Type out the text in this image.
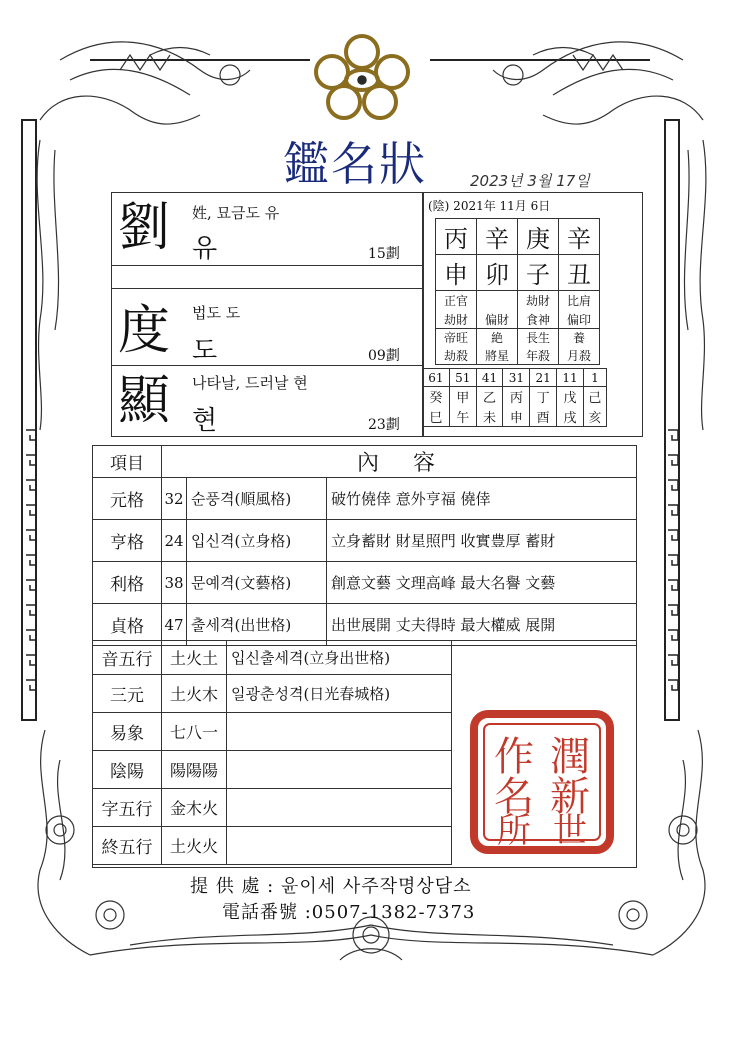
鑑名狀	2023년 3월 17일
劉 姓, 묘금도 유
유	15劃
度 법도 도
도	09劃
顯 나타날, 드러날 현
현	23劃
(陰) 2021年 11月 6日
丙	辛	庚	辛
申	卯	子	丑
正官		劫財	比肩
劫財	偏財	食神	偏印
帝旺	絶	長生	養
劫殺	將星	年殺	月殺
61	51	41	31	21	11	1
癸	甲	乙	丙	丁	戊	己
巳	午	未	申	酉	戌	亥
項目	內　容		
元格	32	순풍격(順風格)	破竹僥倖 意外亨福 僥倖
亨格	24	입신격(立身格)	立身蓄財 財星照門 收實豊厚 蓄財
利格	38	문예격(文藝格)	創意文藝 文理高峰 最大名譽 文藝
貞格	47	출세격(出世格)	出世展開 丈夫得時 最大權威 展開
音五行	土火土	입신출세격(立身出世格)
三元	土火木	일광춘성격(日光春城格)
易象	七八一	
陰陽	陽陽陽	
字五行	金木火	
終五行	土火火	
潤
新
世
作
名
所
提 供 處 : 윤이세 사주작명상담소
電話番號 :0507-1382-7373
